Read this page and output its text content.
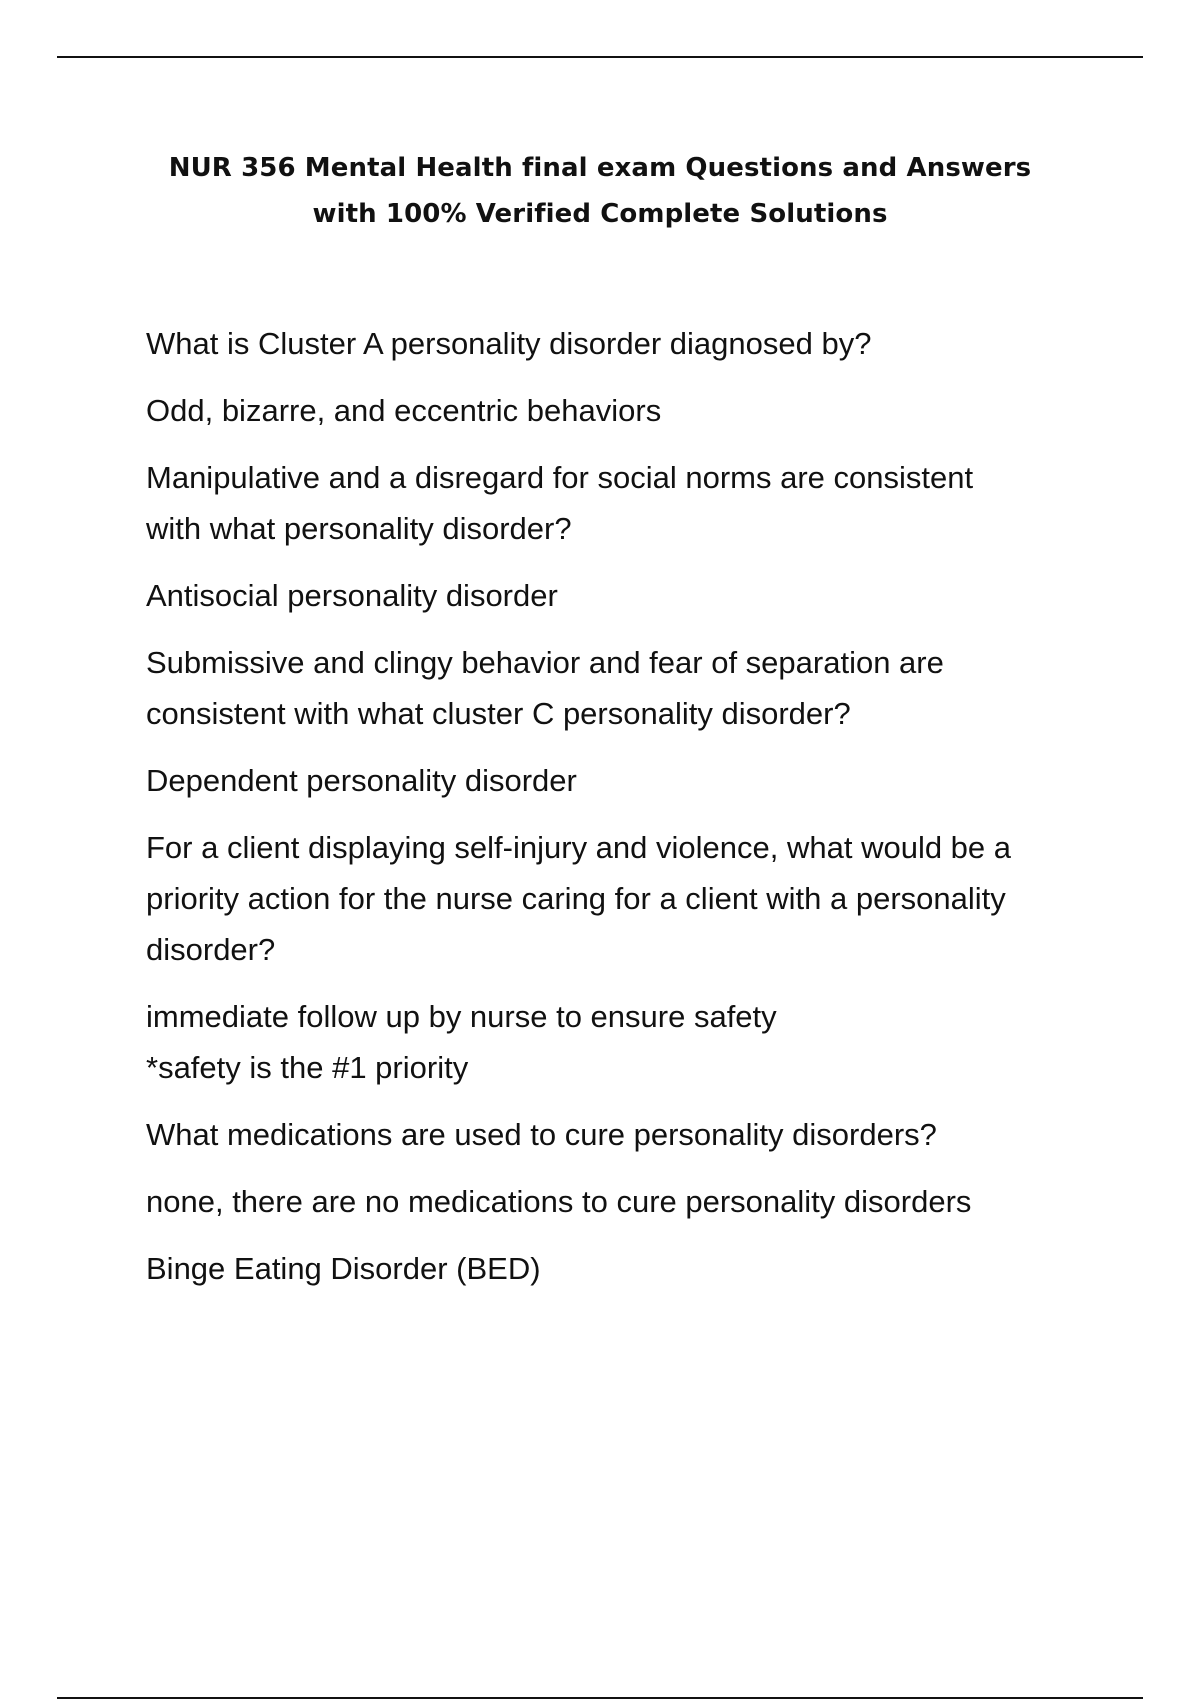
NUR 356 Mental Health final exam Questions and Answers
with 100% Verified Complete Solutions
What is Cluster A personality disorder diagnosed by?
Odd, bizarre, and eccentric behaviors
Manipulative and a disregard for social norms are consistent
with what personality disorder?
Antisocial personality disorder
Submissive and clingy behavior and fear of separation are
consistent with what cluster C personality disorder?
Dependent personality disorder
For a client displaying self-injury and violence, what would be a
priority action for the nurse caring for a client with a personality
disorder?
immediate follow up by nurse to ensure safety
*safety is the #1 priority
What medications are used to cure personality disorders?
none, there are no medications to cure personality disorders
Binge Eating Disorder (BED)
